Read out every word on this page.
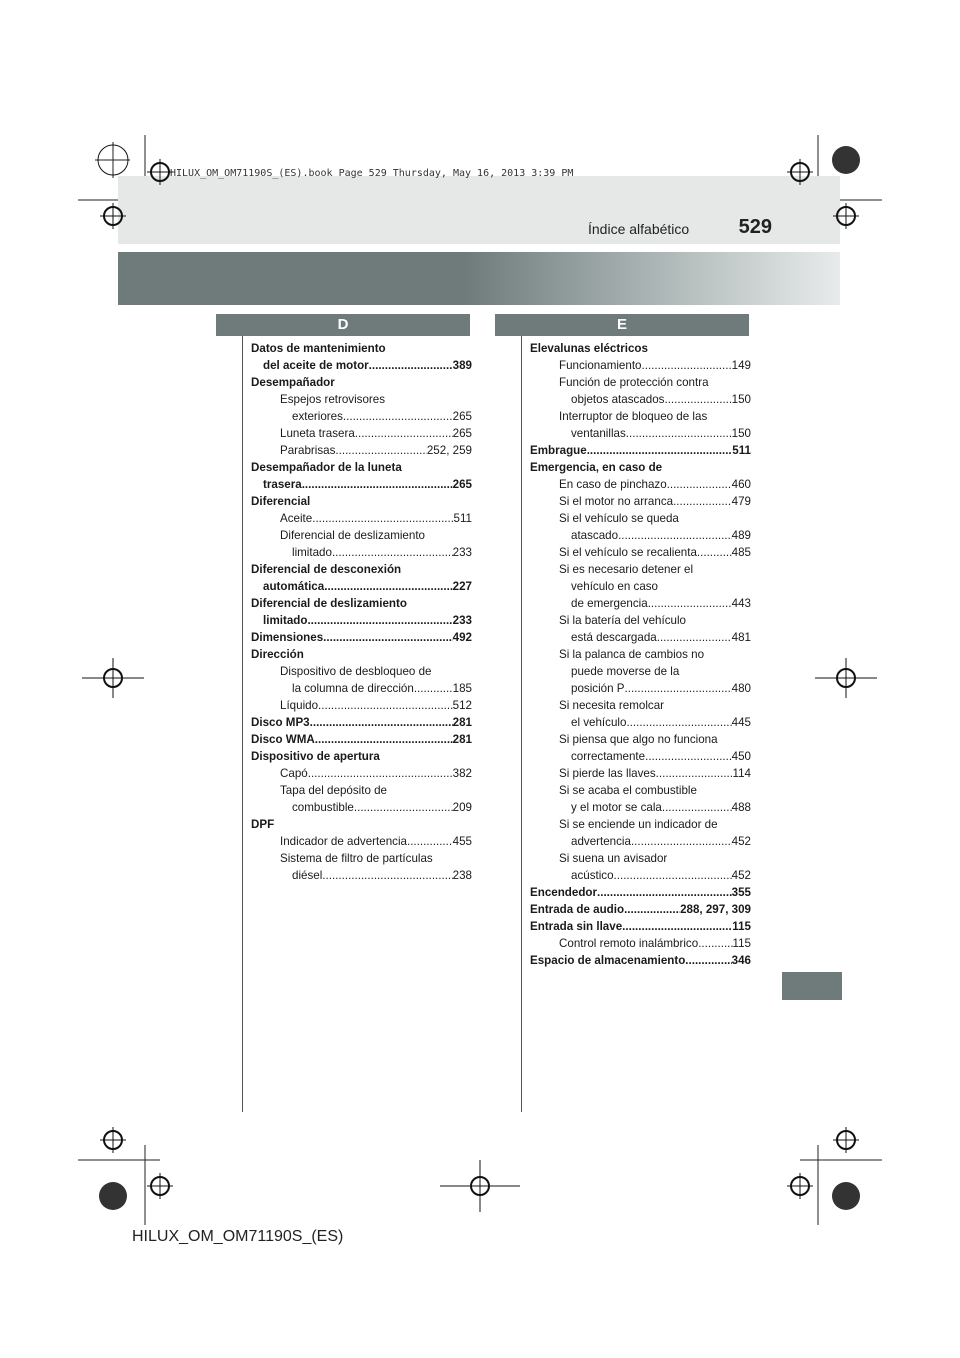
HILUX_OM_OM71190S_(ES).book Page 529 Thursday, May 16, 2013 3:39 PM
Índice alfabético 529
D	E
Datos de mantenimiento
del aceite de motor .....	389
Desempañador
Espejos retrovisores
exteriores .....	265
Luneta trasera .....	265
Parabrisas .....	252, 259
Desempañador de la luneta
trasera .....	265
Diferencial
Aceite .....	511
Diferencial de deslizamiento
limitado .....	233
Diferencial de desconexión
automática .....	227
Diferencial de deslizamiento
limitado .....	233
Dimensiones .....	492
Dirección
Dispositivo de desbloqueo de
la columna de dirección .....	185
Líquido .....	512
Disco MP3 .....	281
Disco WMA .....	281
Dispositivo de apertura
Capó .....	382
Tapa del depósito de
combustible .....	209
DPF
Indicador de advertencia .....	455
Sistema de filtro de partículas
diésel .....	238
Elevalunas eléctricos
Funcionamiento .....	149
Función de protección contra
objetos atascados .....	150
Interruptor de bloqueo de las
ventanillas .....	150
Embrague .....	511
Emergencia, en caso de
En caso de pinchazo .....	460
Si el motor no arranca .....	479
Si el vehículo se queda
atascado .....	489
Si el vehículo se recalienta .....	485
Si es necesario detener el
vehículo en caso
de emergencia .....	443
Si la batería del vehículo
está descargada .....	481
Si la palanca de cambios no
puede moverse de la
posición P .....	480
Si necesita remolcar
el vehículo .....	445
Si piensa que algo no funciona
correctamente .....	450
Si pierde las llaves .....	114
Si se acaba el combustible
y el motor se cala .....	488
Si se enciende un indicador de
advertencia .....	452
Si suena un avisador
acústico .....	452
Encendedor .....	355
Entrada de audio .....	288, 297, 309
Entrada sin llave .....	115
Control remoto inalámbrico .....	115
Espacio de almacenamiento .....	346
HILUX_OM_OM71190S_(ES)
